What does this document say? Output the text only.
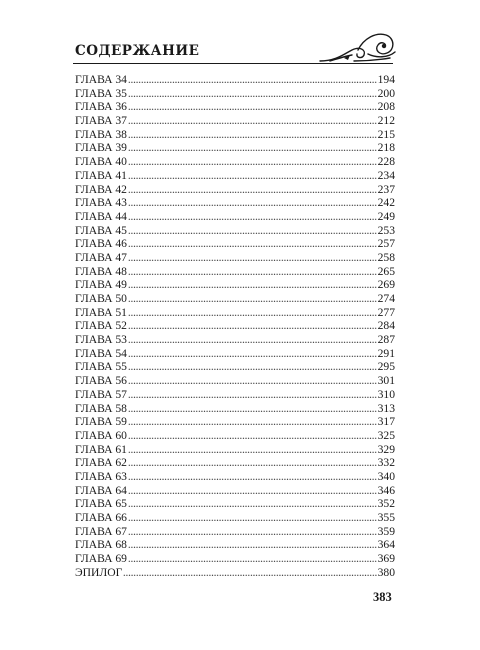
СОДЕРЖАНИЕ
ГЛАВА 34	194
ГЛАВА 35	200
ГЛАВА 36	208
ГЛАВА 37	212
ГЛАВА 38	215
ГЛАВА 39	218
ГЛАВА 40	228
ГЛАВА 41	234
ГЛАВА 42	237
ГЛАВА 43	242
ГЛАВА 44	249
ГЛАВА 45	253
ГЛАВА 46	257
ГЛАВА 47	258
ГЛАВА 48	265
ГЛАВА 49	269
ГЛАВА 50	274
ГЛАВА 51	277
ГЛАВА 52	284
ГЛАВА 53	287
ГЛАВА 54	291
ГЛАВА 55	295
ГЛАВА 56	301
ГЛАВА 57	310
ГЛАВА 58	313
ГЛАВА 59	317
ГЛАВА 60	325
ГЛАВА 61	329
ГЛАВА 62	332
ГЛАВА 63	340
ГЛАВА 64	346
ГЛАВА 65	352
ГЛАВА 66	355
ГЛАВА 67	359
ГЛАВА 68	364
ГЛАВА 69	369
ЭПИЛОГ	380
383
